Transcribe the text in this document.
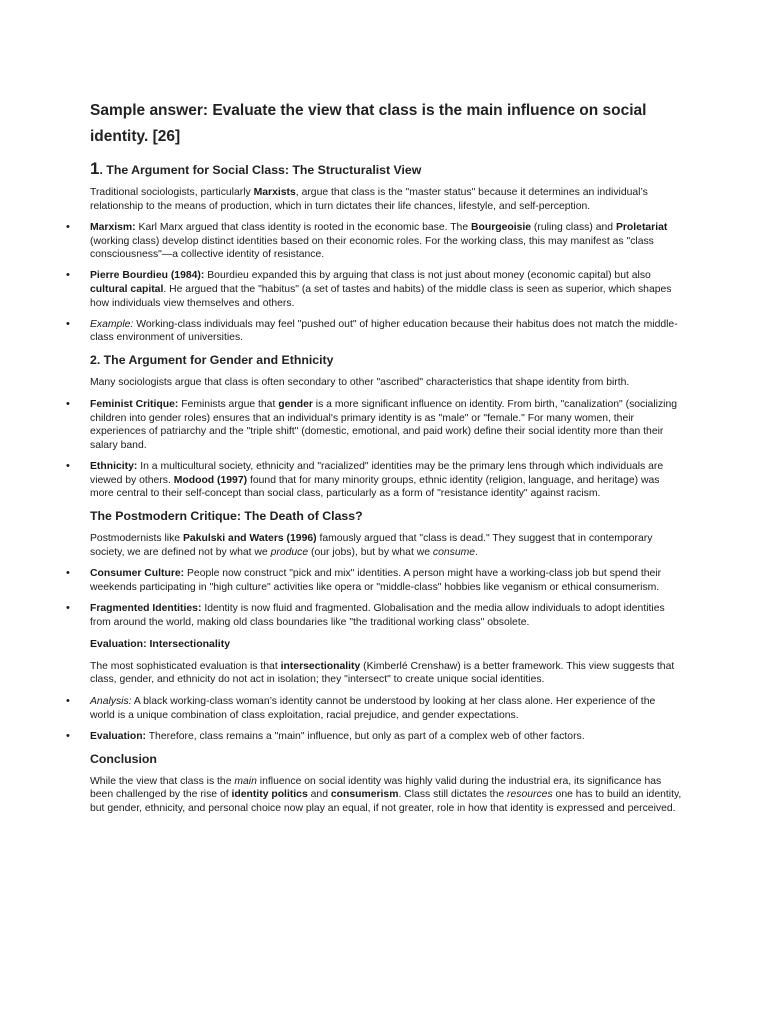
Sample answer: Evaluate the view that class is the main influence on social identity. [26]
1. The Argument for Social Class: The Structuralist View

Traditional sociologists, particularly Marxists, argue that class is the "master status" because it determines an individual’s relationship to the means of production, which in turn dictates their life chances, lifestyle, and self-perception.

• Marxism: Karl Marx argued that class identity is rooted in the economic base. The Bourgeoisie (ruling class) and Proletariat (working class) develop distinct identities based on their economic roles. For the working class, this may manifest as "class consciousness"—a collective identity of resistance.
• Pierre Bourdieu (1984): Bourdieu expanded this by arguing that class is not just about money (economic capital) but also cultural capital. He argued that the "habitus" (a set of tastes and habits) of the middle class is seen as superior, which shapes how individuals view themselves and others.
• Example: Working-class individuals may feel "pushed out" of higher education because their habitus does not match the middle-class environment of universities.
2. The Argument for Gender and Ethnicity

Many sociologists argue that class is often secondary to other "ascribed" characteristics that shape identity from birth.

• Feminist Critique: Feminists argue that gender is a more significant influence on identity. From birth, "canalization" (socializing children into gender roles) ensures that an individual's primary identity is as "male" or "female." For many women, their experiences of patriarchy and the "triple shift" (domestic, emotional, and paid work) define their social identity more than their salary band.
• Ethnicity: In a multicultural society, ethnicity and "racialized" identities may be the primary lens through which individuals are viewed by others. Modood (1997) found that for many minority groups, ethnic identity (religion, language, and heritage) was more central to their self-concept than social class, particularly as a form of "resistance identity" against racism.
The Postmodern Critique: The Death of Class?

Postmodernists like Pakulski and Waters (1996) famously argued that "class is dead." They suggest that in contemporary society, we are defined not by what we produce (our jobs), but by what we consume.

• Consumer Culture: People now construct "pick and mix" identities. A person might have a working-class job but spend their weekends participating in "high culture" activities like opera or "middle-class" hobbies like veganism or ethical consumerism.
• Fragmented Identities: Identity is now fluid and fragmented. Globalisation and the media allow individuals to adopt identities from around the world, making old class boundaries like "the traditional working class" obsolete.
Evaluation: Intersectionality

The most sophisticated evaluation is that intersectionality (Kimberlé Crenshaw) is a better framework. This view suggests that class, gender, and ethnicity do not act in isolation; they "intersect" to create unique social identities.

• Analysis: A black working-class woman’s identity cannot be understood by looking at her class alone. Her experience of the world is a unique combination of class exploitation, racial prejudice, and gender expectations.
• Evaluation: Therefore, class remains a "main" influence, but only as part of a complex web of other factors.
Conclusion

While the view that class is the main influence on social identity was highly valid during the industrial era, its significance has been challenged by the rise of identity politics and consumerism. Class still dictates the resources one has to build an identity, but gender, ethnicity, and personal choice now play an equal, if not greater, role in how that identity is expressed and perceived.
